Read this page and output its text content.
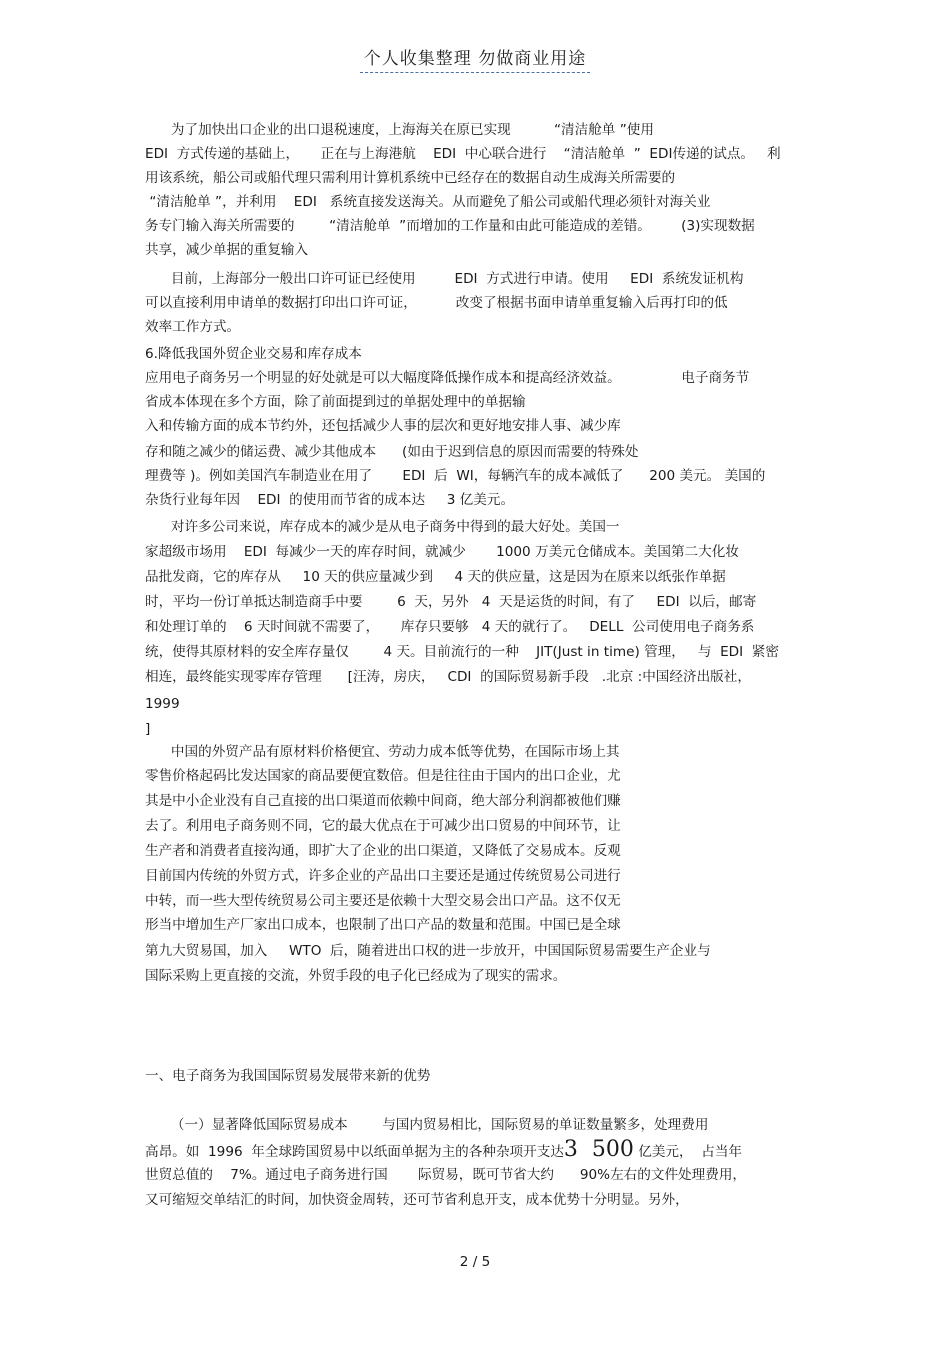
个人收集整理 勿做商业用途
为了加快出口企业的出口退税速度，上海海关在原已实现          “清洁舱单 ”使用
EDI  方式传递的基础上，     正在与上海港航    EDI  中心联合进行    “清洁舱单  ”  EDI传递的试点。   利
用该系统，船公司或船代理只需利用计算机系统中已经存在的数据自动生成海关所需要的
“清洁舱单 ”，并利用    EDI   系统直接发送海关。从而避免了船公司或船代理必须针对海关业
务专门输入海关所需要的        “清洁舱单  ”而增加的工作量和由此可能造成的差错。       (3)实现数据
共享，减少单据的重复输入
目前，上海部分一般出口许可证已经使用         EDI  方式进行申请。使用     EDI  系统发证机构
可以直接利用申请单的数据打印出口许可证，         改变了根据书面申请单重复输入后再打印的低
效率工作方式。
6.降低我国外贸企业交易和库存成本
应用电子商务另一个明显的好处就是可以大幅度降低操作成本和提高经济效益。              电子商务节
省成本体现在多个方面，除了前面提到过的单据处理中的单据输
入和传输方面的成本节约外，还包括减少人事的层次和更好地安排人事、减少库
存和随之减少的储运费、减少其他成本      (如由于迟到信息的原因而需要的特殊处
理费等 )。例如美国汽车制造业在用了       EDI  后  WI，每辆汽车的成本减低了      200 美元。 美国的
杂货行业每年因    EDI  的使用而节省的成本达     3 亿美元。
对许多公司来说，库存成本的减少是从电子商务中得到的最大好处。美国一
家超级市场用    EDI  每减少一天的库存时间，就减少       1000 万美元仓储成本。美国第二大化妆
品批发商，它的库存从     10 天的供应量减少到     4 天的供应量，这是因为在原来以纸张作单据
时，平均一份订单抵达制造商手中要        6  天，另外   4  天是运货的时间，有了     EDI  以后，邮寄
和处理订单的    6 天时间就不需要了，     库存只要够   4 天的就行了。   DELL  公司使用电子商务系
统，使得其原材料的安全库存量仅        4 天。目前流行的一种    JIT(Just in time) 管理，   与  EDI  紧密
相连，最终能实现零库存管理      [汪涛，房庆，   CDI  的国际贸易新手段   .北京 :中国经济出版社，
1999
]
中国的外贸产品有原材料价格便宜、劳动力成本低等优势，在国际市场上其
零售价格起码比发达国家的商品要便宜数倍。但是往往由于国内的出口企业，尤
其是中小企业没有自己直接的出口渠道而依赖中间商，绝大部分利润都被他们赚
去了。利用电子商务则不同，它的最大优点在于可减少出口贸易的中间环节，让
生产者和消费者直接沟通，即扩大了企业的出口渠道，又降低了交易成本。反观
目前国内传统的外贸方式，许多企业的产品出口主要还是通过传统贸易公司进行
中转，而一些大型传统贸易公司主要还是依赖十大型交易会出口产品。这不仅无
形当中增加生产厂家出口成本，也限制了出口产品的数量和范围。中国已是全球
第九大贸易国，加入     WTO  后，随着进出口权的进一步放开，中国国际贸易需要生产企业与
国际采购上更直接的交流，外贸手段的电子化已经成为了现实的需求。
一、电子商务为我国国际贸易发展带来新的优势
（一）显著降低国际贸易成本        与国内贸易相比，国际贸易的单证数量繁多，处理费用
高昂。如  1996  年全球跨国贸易中以纸面单据为主的各种杂项开支达3  500 亿美元，  占当年
世贸总值的    7%。通过电子商务进行国       际贸易，既可节省大约      90%左右的文件处理费用，
又可缩短交单结汇的时间，加快资金周转，还可节省利息开支，成本优势十分明显。另外，
2 / 5
